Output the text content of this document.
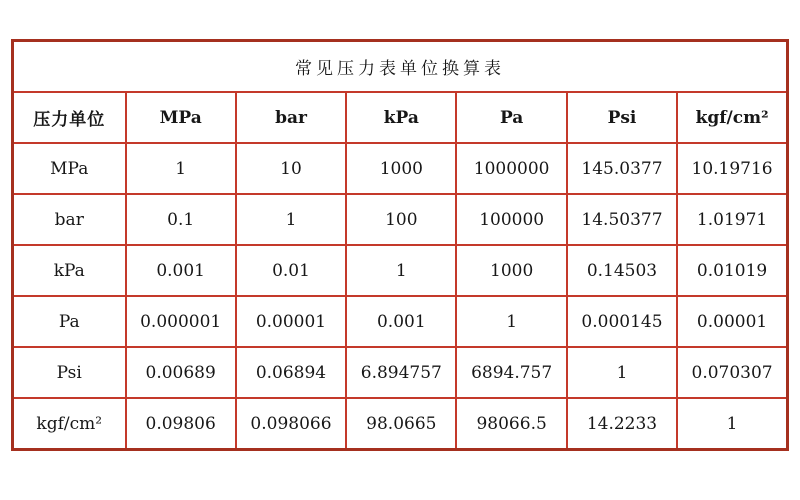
常见压力表单位换算表						
压力单位	MPa	bar	kPa	Pa	Psi	kgf/cm²
MPa	1	10	1000	1000000	145.0377	10.19716
bar	0.1	1	100	100000	14.50377	1.01971
kPa	0.001	0.01	1	1000	0.14503	0.01019
Pa	0.000001	0.00001	0.001	1	0.000145	0.00001
Psi	0.00689	0.06894	6.894757	6894.757	1	0.070307
kgf/cm²	0.09806	0.098066	98.0665	98066.5	14.2233	1
